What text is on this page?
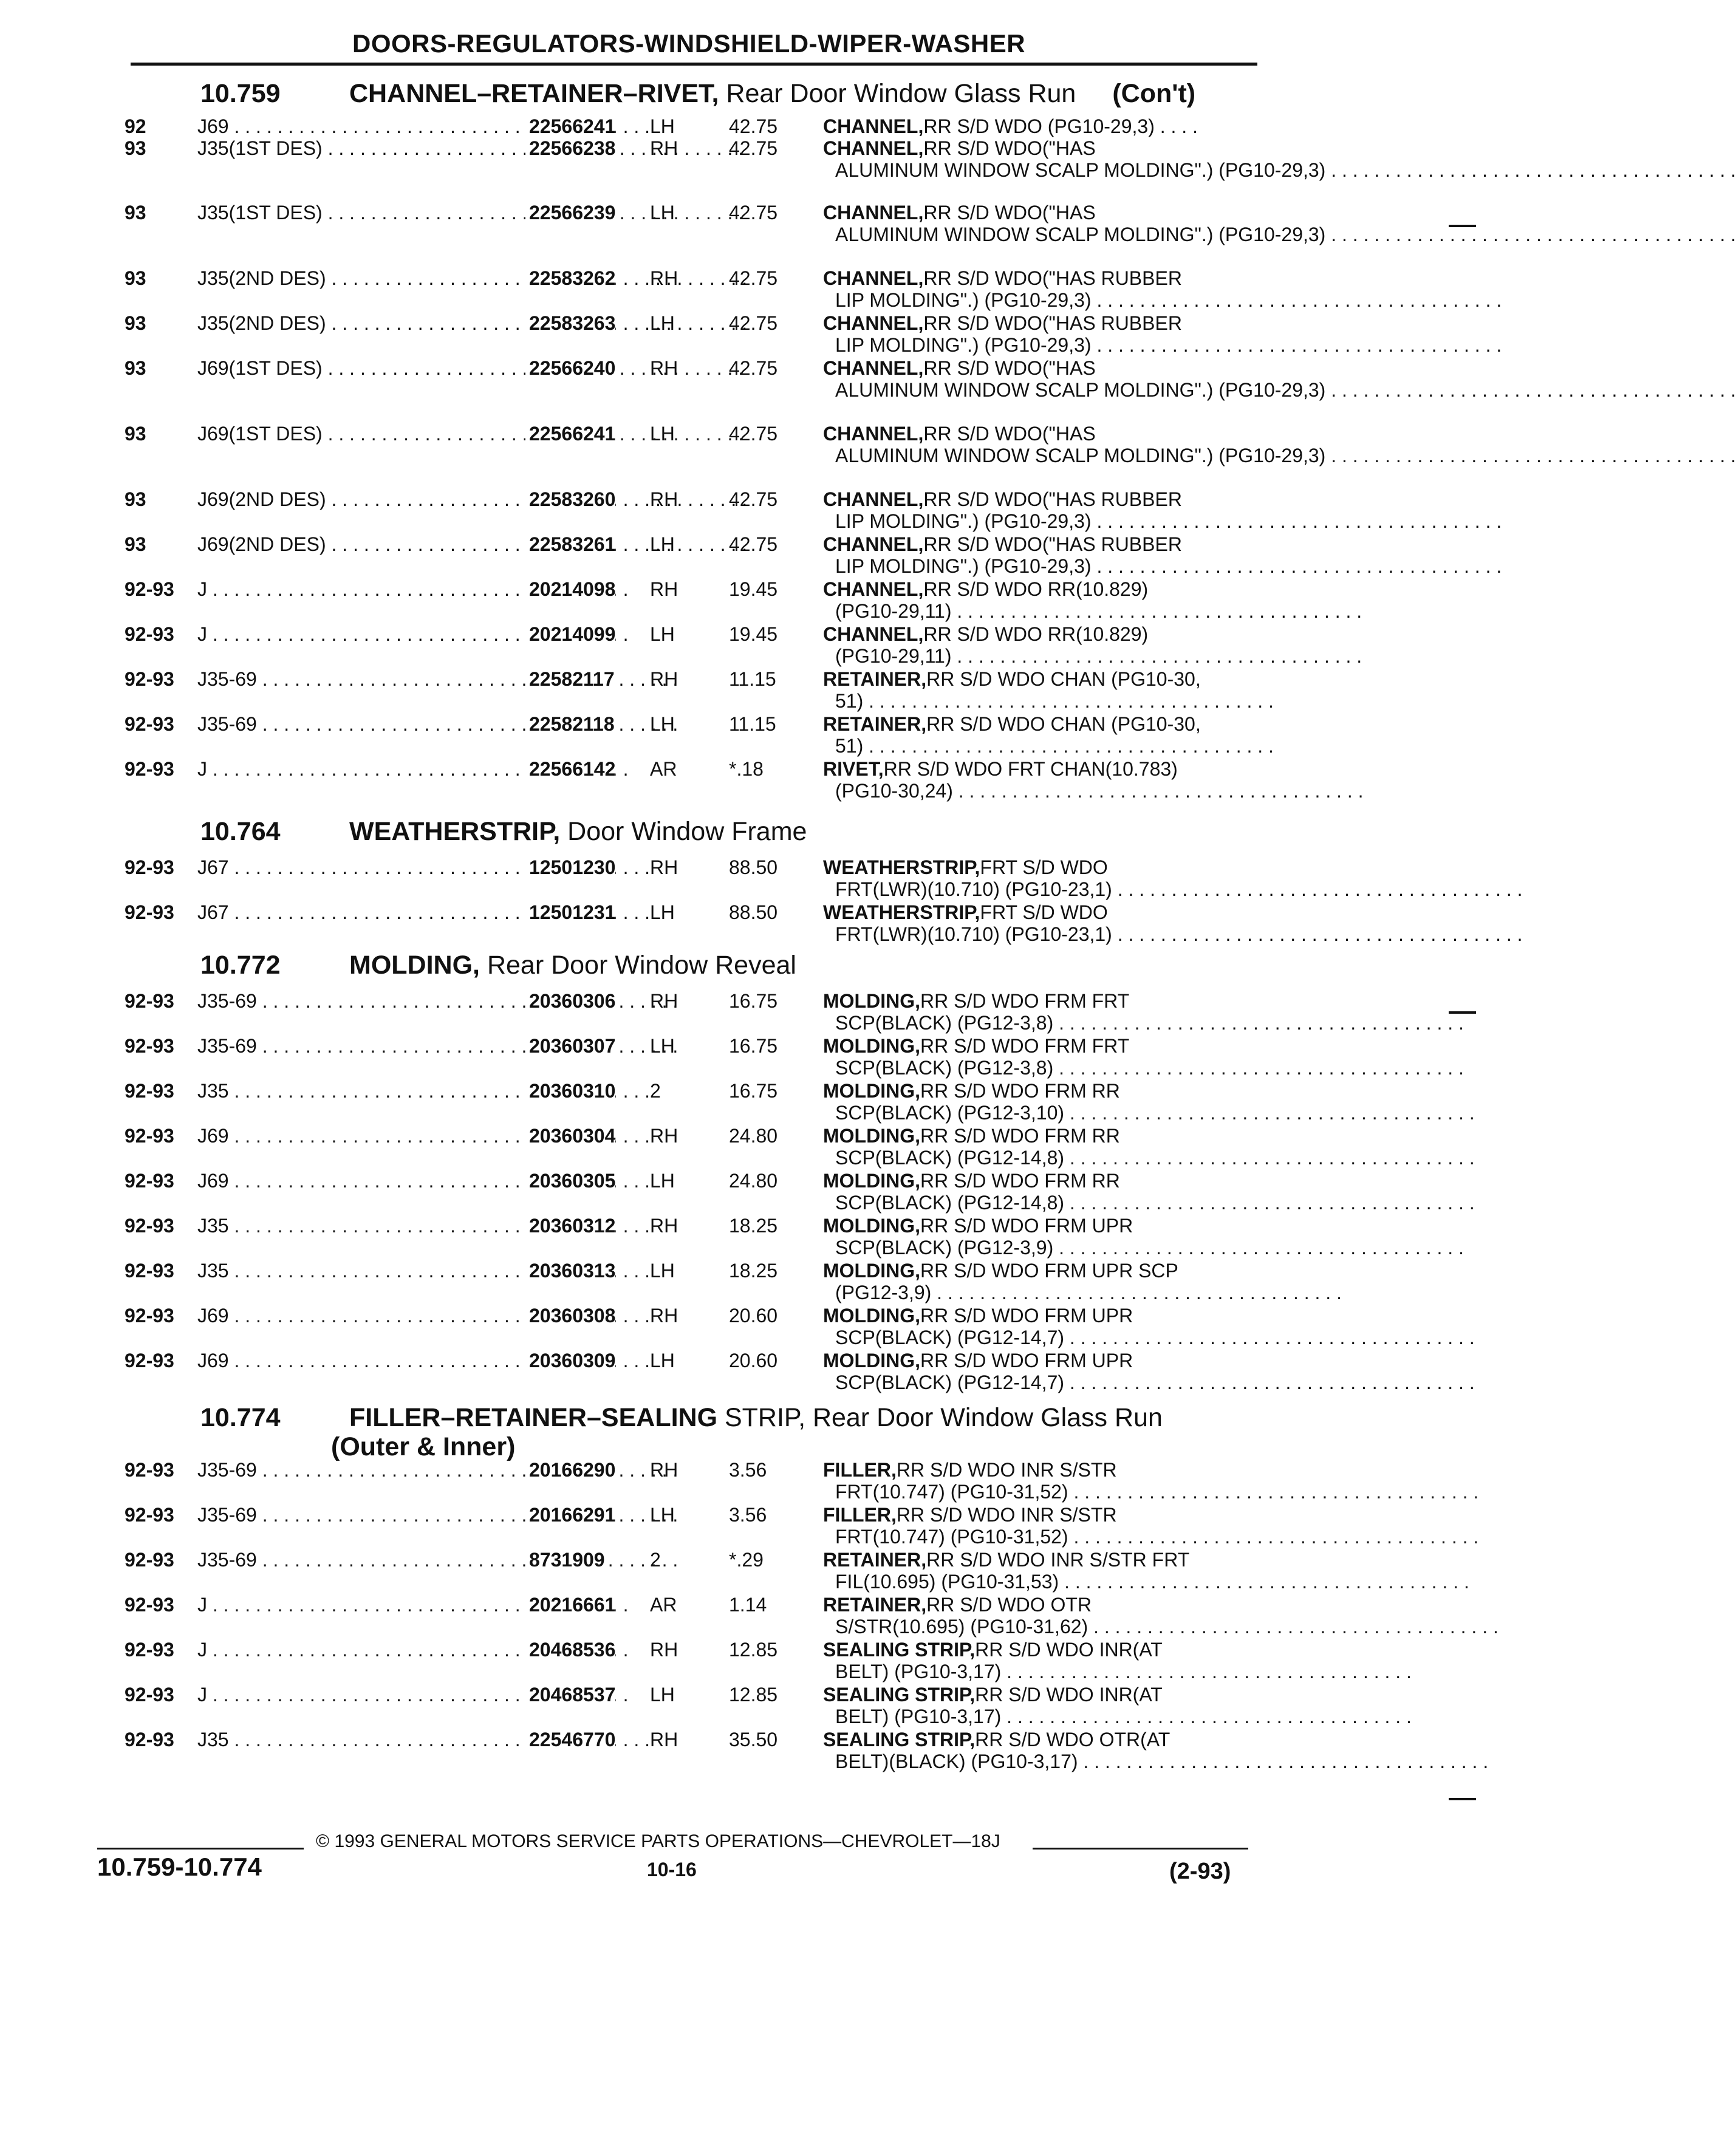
DOORS-REGULATORS-WINDSHIELD-WIPER-WASHER
10.759	CHANNEL–RETAINER–RIVET, Rear Door Window Glass Run (Con't)
92	J69 . . .	22566241 LH	42.75 CHANNEL, RR S/D WDO (PG10-29,3) . . . .
93	J35(1ST DES) . . .	22566238 RH	42.75 CHANNEL, RR S/D WDO("HAS
ALUMINUM WINDOW SCALP MOLDING".) (PG10-29,3) . . .
93	J35(1ST DES) . . .	22566239 LH	42.75 CHANNEL, RR S/D WDO("HAS
ALUMINUM WINDOW SCALP MOLDING".) (PG10-29,3) . . .
93	J35(2ND DES) . . .	22583262 RH	42.75 CHANNEL, RR S/D WDO("HAS RUBBER
LIP MOLDING".) (PG10-29,3) . . .
93	J35(2ND DES) . . .	22583263 LH	42.75 CHANNEL, RR S/D WDO("HAS RUBBER
LIP MOLDING".) (PG10-29,3) . . .
93	J69(1ST DES) . . .	22566240 RH	42.75 CHANNEL, RR S/D WDO("HAS
ALUMINUM WINDOW SCALP MOLDING".) (PG10-29,3) . . .
93	J69(1ST DES) . . .	22566241 LH	42.75 CHANNEL, RR S/D WDO("HAS
ALUMINUM WINDOW SCALP MOLDING".) (PG10-29,3) . . .
93	J69(2ND DES) . . .	22583260 RH	42.75 CHANNEL, RR S/D WDO("HAS RUBBER
LIP MOLDING".) (PG10-29,3) . . .
93	J69(2ND DES) . . .	22583261 LH	42.75 CHANNEL, RR S/D WDO("HAS RUBBER
LIP MOLDING".) (PG10-29,3) . . .
92-93 J . . .	20214098 RH	19.45 CHANNEL, RR S/D WDO RR(10.829)
(PG10-29,11) . . .
92-93 J . . .	20214099 LH	19.45 CHANNEL, RR S/D WDO RR(10.829)
(PG10-29,11) . . .
92-93 J35-69 . . .	22582117 RH	11.15 RETAINER, RR S/D WDO CHAN (PG10-30,
51) . . .
92-93 J35-69 . . .	22582118 LH	11.15 RETAINER, RR S/D WDO CHAN (PG10-30,
51) . . .
92-93 J . . .	22566142 AR	*.18	RIVET, RR S/D WDO FRT CHAN(10.783)
(PG10-30,24) . . .
10.764	WEATHERSTRIP, Door Window Frame
92-93 J67 . . .	12501230 RH	88.50 WEATHERSTRIP, FRT S/D WDO
FRT(LWR)(10.710) (PG10-23,1) . . .
92-93 J67 . . .	12501231 LH	88.50 WEATHERSTRIP, FRT S/D WDO
FRT(LWR)(10.710) (PG10-23,1) . . .
10.772	MOLDING, Rear Door Window Reveal
92-93 J35-69 . . .	20360306 RH	16.75 MOLDING, RR S/D WDO FRM FRT
SCP(BLACK) (PG12-3,8) . . .
92-93 J35-69 . . .	20360307 LH	16.75 MOLDING, RR S/D WDO FRM FRT
SCP(BLACK) (PG12-3,8) . . .
92-93 J35 . . .	20360310 2	16.75 MOLDING, RR S/D WDO FRM RR
SCP(BLACK) (PG12-3,10) . . .
92-93 J69 . . .	20360304 RH	24.80 MOLDING, RR S/D WDO FRM RR
SCP(BLACK) (PG12-14,8) . . .
92-93 J69 . . .	20360305 LH	24.80 MOLDING, RR S/D WDO FRM RR
SCP(BLACK) (PG12-14,8) . . .
92-93 J35 . . .	20360312 RH	18.25 MOLDING, RR S/D WDO FRM UPR
SCP(BLACK) (PG12-3,9) . . .
92-93 J35 . . .	20360313 LH	18.25 MOLDING, RR S/D WDO FRM UPR SCP
(PG12-3,9) . . .
92-93 J69 . . .	20360308 RH	20.60 MOLDING, RR S/D WDO FRM UPR
SCP(BLACK) (PG12-14,7) . . .
92-93 J69 . . .	20360309 LH	20.60 MOLDING, RR S/D WDO FRM UPR
SCP(BLACK) (PG12-14,7) . . .
10.774	FILLER–RETAINER–SEALING STRIP, Rear Door Window Glass Run
(Outer & Inner)
92-93 J35-69 . . .	20166290 RH	3.56	FILLER, RR S/D WDO INR S/STR
FRT(10.747) (PG10-31,52) . . .
92-93 J35-69 . . .	20166291 LH	3.56	FILLER, RR S/D WDO INR S/STR
FRT(10.747) (PG10-31,52) . . .
92-93 J35-69 . . .	8731909 2	*.29	RETAINER, RR S/D WDO INR S/STR FRT
FIL(10.695) (PG10-31,53) . . .
92-93 J . . .	20216661 AR	1.14	RETAINER, RR S/D WDO OTR
S/STR(10.695) (PG10-31,62) . . .
92-93 J . . .	20468536 RH	12.85 SEALING STRIP, RR S/D WDO INR(AT
BELT) (PG10-3,17) . . .
92-93 J . . .	20468537 LH	12.85 SEALING STRIP, RR S/D WDO INR(AT
BELT) (PG10-3,17) . . .
92-93 J35 . . .	22546770 RH	35.50 SEALING STRIP, RR S/D WDO OTR(AT
BELT)(BLACK) (PG10-3,17) . . .
© 1993 GENERAL MOTORS SERVICE PARTS OPERATIONS—CHEVROLET—18J
10.759-10.774	10-16	(2-93)
